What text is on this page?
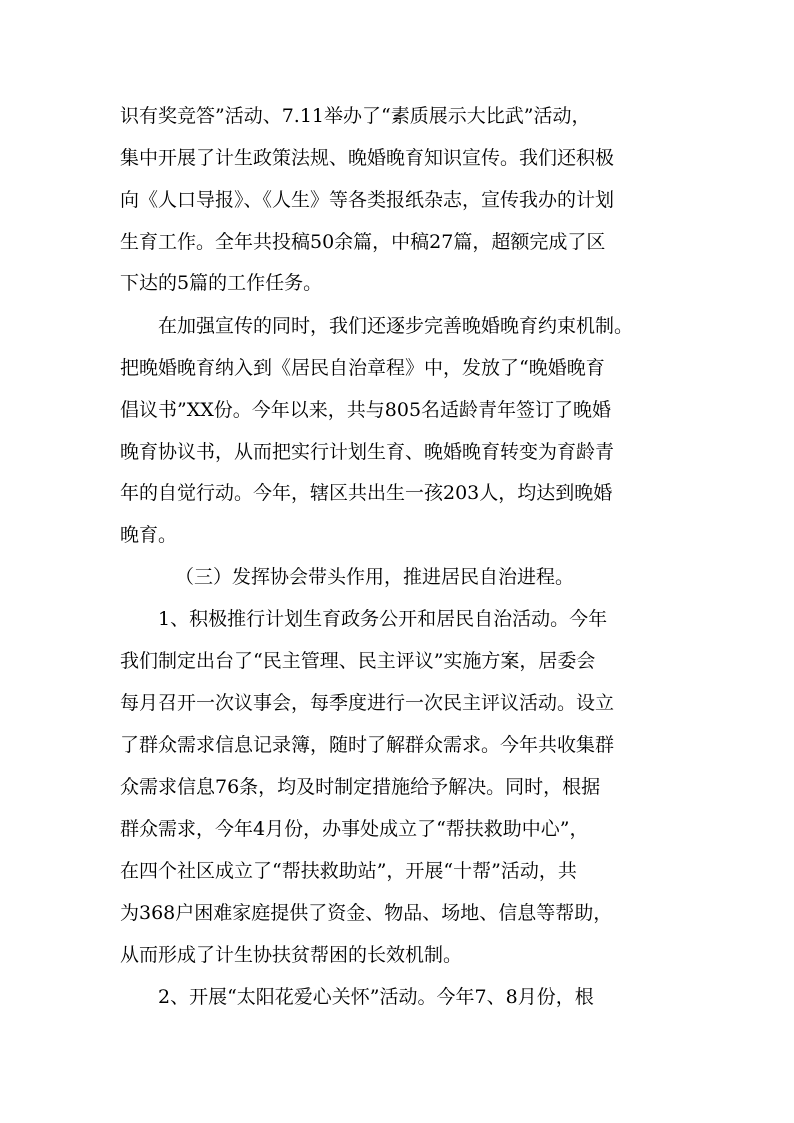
识有奖竞答”活动、7.11举办了“素质展示大比武”活动，
集中开展了计生政策法规、晚婚晚育知识宣传。我们还积极
向《人口导报》、《人生》等各类报纸杂志，宣传我办的计划
生育工作。全年共投稿50余篇，中稿27篇，超额完成了区
下达的5篇的工作任务。
在加强宣传的同时，我们还逐步完善晚婚晚育约束机制。
把晚婚晚育纳入到《居民自治章程》中，发放了“晚婚晚育
倡议书”XX份。今年以来，共与805名适龄青年签订了晚婚
晚育协议书，从而把实行计划生育、晚婚晚育转变为育龄青
年的自觉行动。今年，辖区共出生一孩203人，均达到晚婚
晚育。
（三）发挥协会带头作用，推进居民自治进程。
1、积极推行计划生育政务公开和居民自治活动。今年
我们制定出台了“民主管理、民主评议”实施方案，居委会
每月召开一次议事会，每季度进行一次民主评议活动。设立
了群众需求信息记录簿，随时了解群众需求。今年共收集群
众需求信息76条，均及时制定措施给予解决。同时，根据
群众需求，今年4月份，办事处成立了“帮扶救助中心”，
在四个社区成立了“帮扶救助站”，开展“十帮”活动，共
为368户困难家庭提供了资金、物品、场地、信息等帮助，
从而形成了计生协扶贫帮困的长效机制。
2、开展“太阳花爱心关怀”活动。今年7、8月份，根
